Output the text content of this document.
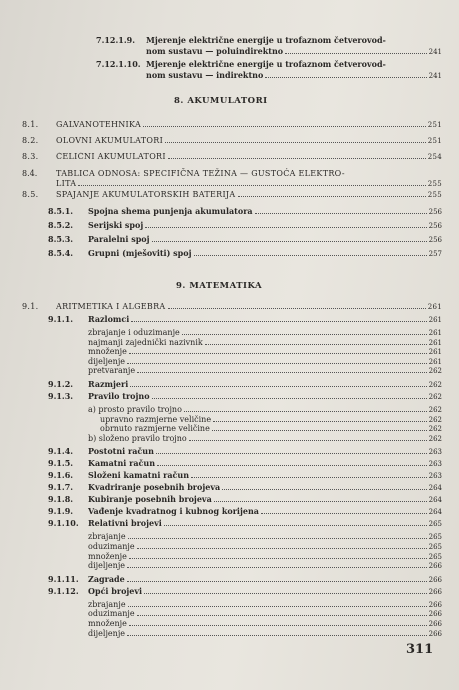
7.12.1.9. Mjerenje električne energije u trofaznom četverovod-
nom sustavu — poluindirektno	241
7.12.1.10. Mjerenje električne energije u trofaznom četverovod-
nom sustavu — indirektno	241
8. AKUMULATORI
8.1.	GALVANOTEHNIKA	251
8.2.	OLOVNI AKUMULATORI	251
8.3.	ČELIČNI AKUMULATORI	254
8.4. TABLICA ODNOSA: SPECIFIČNA TEŽINA — GUSTOĆA ELEKTRO-
LITA	255
8.5.	SPAJANJE AKUMULATORSKIH BATERIJA	255
8.5.1.	Spojna shema punjenja akumulatora	256
8.5.2.	Serijski spoj	256
8.5.3.	Paralelni spoj	256
8.5.4.	Grupni (mješoviti) spoj	257
9. MATEMATIKA
9.1.	ARITMETIKA I ALGEBRA	261
9.1.1.	Razlomci	261
zbrajanje i oduzimanje	261
najmanji zajednički nazivnik	261
množenje	261
dijeljenje	261
pretvaranje	262
9.1.2.	Razmjeri	262
9.1.3.	Pravilo trojno	262
a) prosto pravilo trojno	262
upravno razmjerne veličine	262
obrnuto razmjerne veličine	262
b) složeno pravilo trojno	262
9.1.4.	Postotni račun	263
9.1.5.	Kamatni račun	263
9.1.6.	Složeni kamatni račun	263
9.1.7.	Kvadriranje posebnih brojeva	264
9.1.8.	Kubiranje posebnih brojeva	264
9.1.9.	Vađenje kvadratnog i kubnog korijena	264
9.1.10.	Relativni brojevi	265
zbrajanje	265
oduzimanje	265
množenje	265
dijeljenje	266
9.1.11.	Zagrade	266
9.1.12.	Opći brojevi	266
zbrajanje	266
oduzimanje	266
množenje	266
dijeljenje	266
311
